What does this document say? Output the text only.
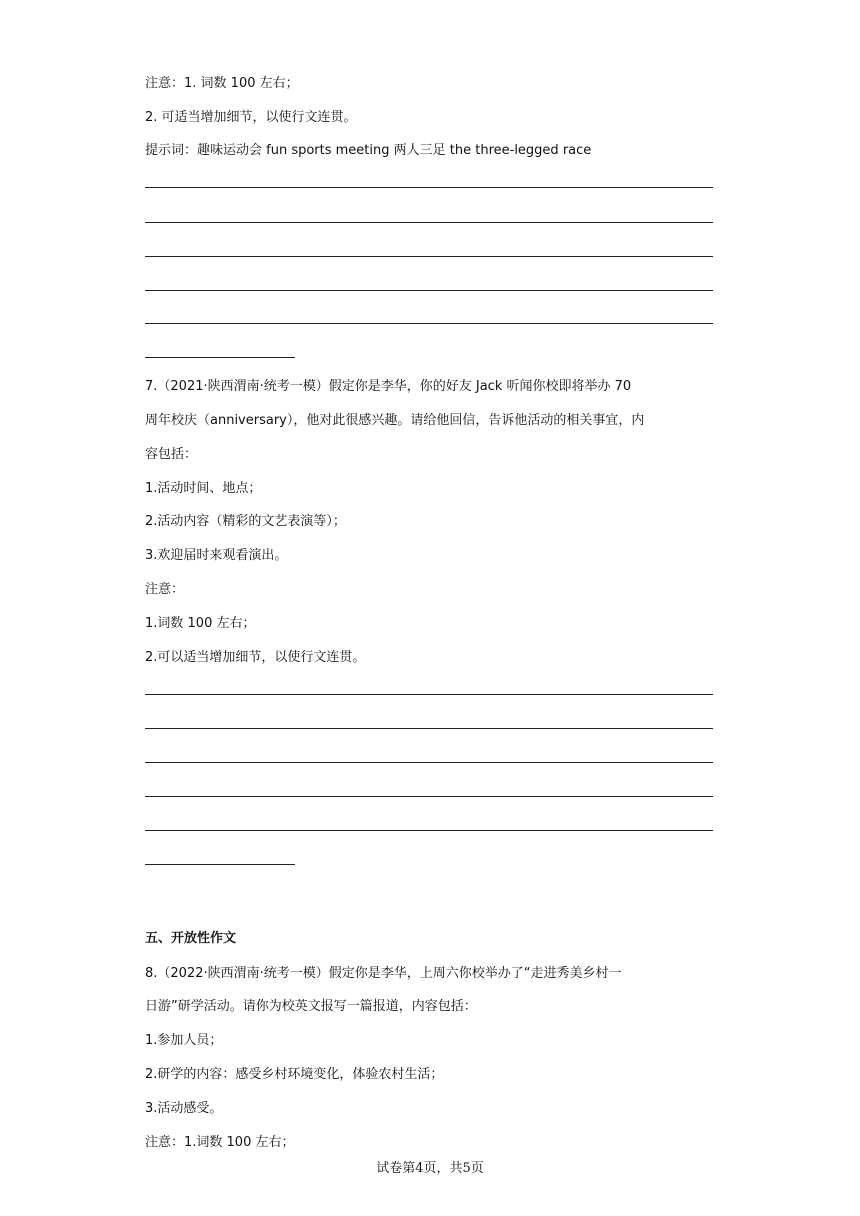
注意：1. 词数 100 左右；
2. 可适当增加细节，以使行文连贯。
提示词：趣味运动会 fun sports meeting 两人三足 the three-legged race
7.（2021·陕西渭南·统考一模）假定你是李华，你的好友 Jack 听闻你校即将举办 70
周年校庆（anniversary），他对此很感兴趣。请给他回信，告诉他活动的相关事宜，内
容包括：
1.活动时间、地点；
2.活动内容（精彩的文艺表演等）；
3.欢迎届时来观看演出。
注意：
1.词数 100 左右；
2.可以适当增加细节，以使行文连贯。
五、开放性作文
8.（2022·陕西渭南·统考一模）假定你是李华，上周六你校举办了“走进秀美乡村一
日游”研学活动。请你为校英文报写一篇报道，内容包括：
1.参加人员；
2.研学的内容：感受乡村环境变化，体验农村生活；
3.活动感受。
注意：1.词数 100 左右；
试卷第4页，共5页
